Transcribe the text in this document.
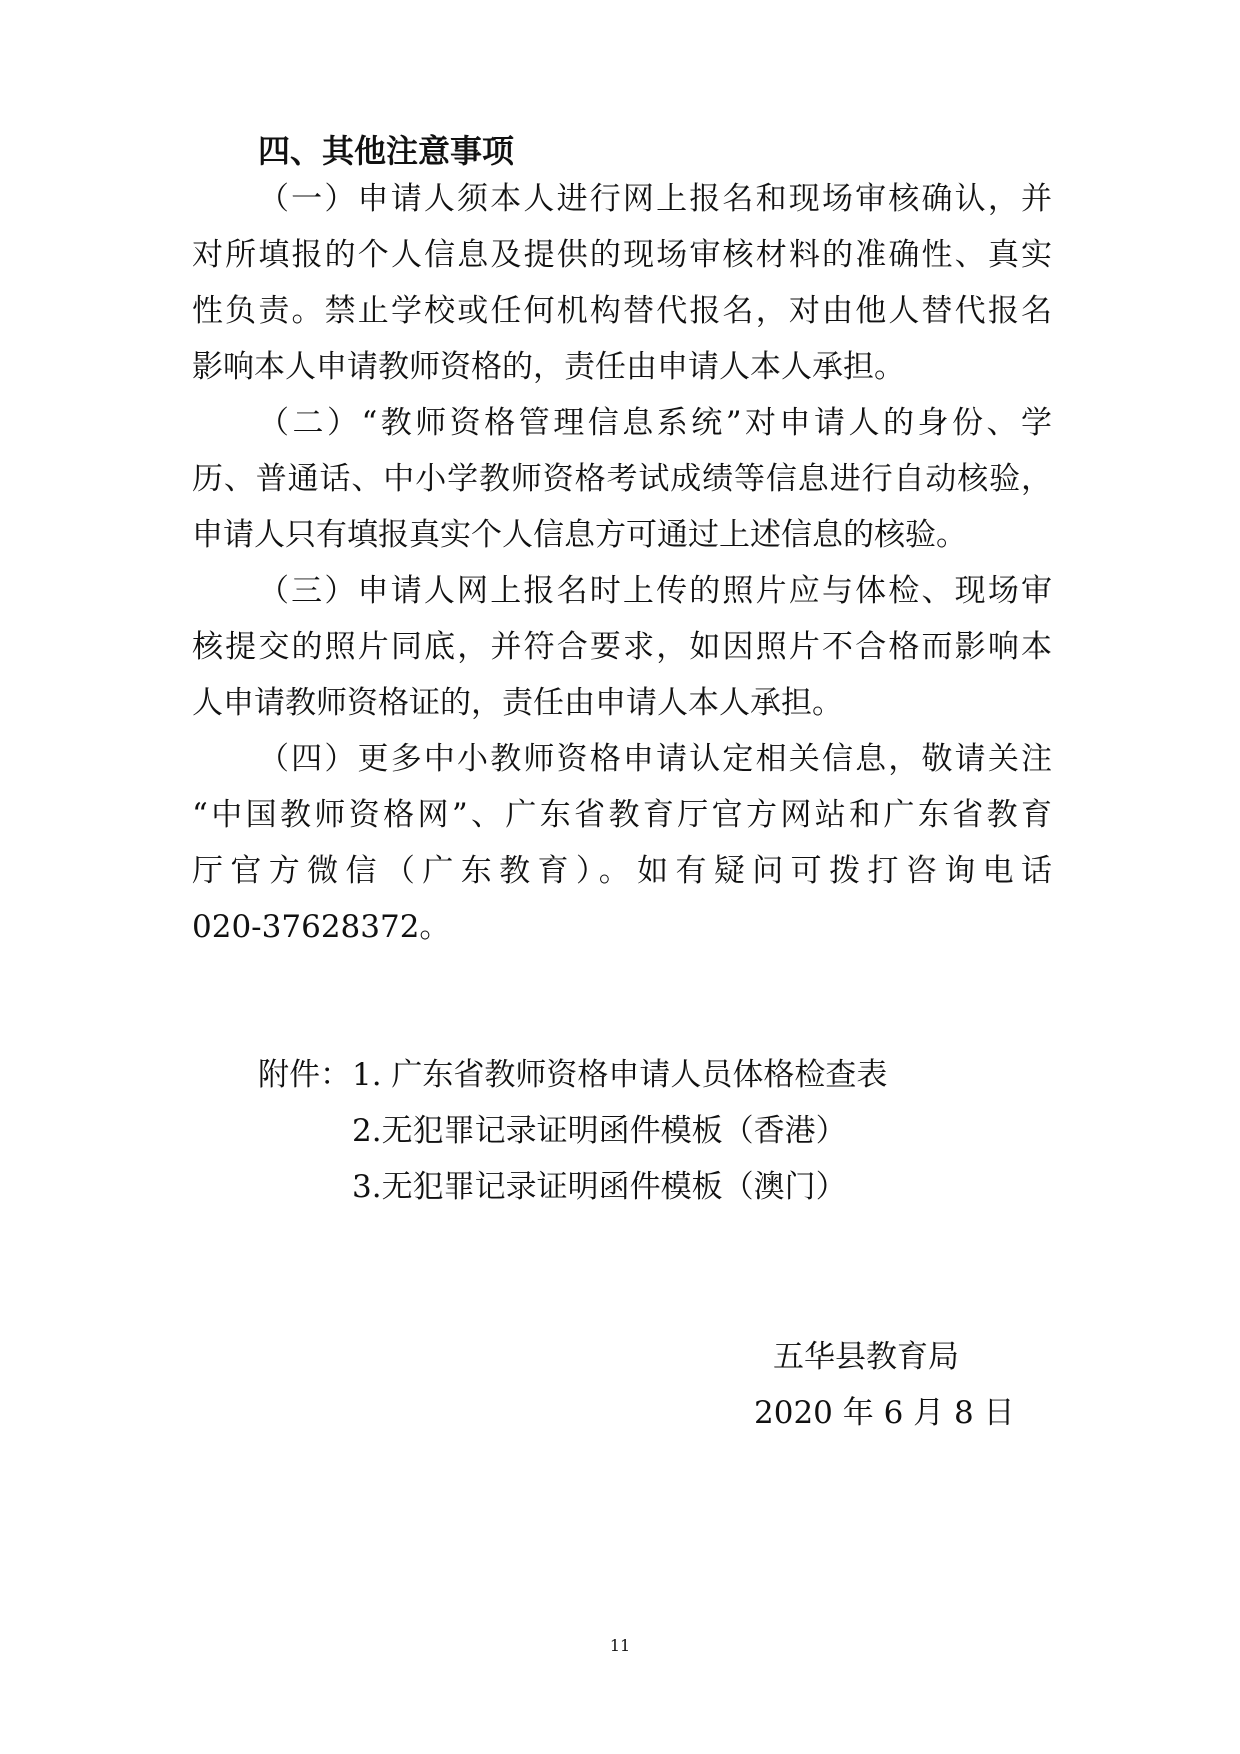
四、其他注意事项
（一）申请人须本人进行网上报名和现场审核确认，并
对所填报的个人信息及提供的现场审核材料的准确性、真实
性负责。禁止学校或任何机构替代报名，对由他人替代报名
影响本人申请教师资格的，责任由申请人本人承担。
（二）“教师资格管理信息系统”对申请人的身份、学
历、普通话、中小学教师资格考试成绩等信息进行自动核验，
申请人只有填报真实个人信息方可通过上述信息的核验。
（三）申请人网上报名时上传的照片应与体检、现场审
核提交的照片同底，并符合要求，如因照片不合格而影响本
人申请教师资格证的，责任由申请人本人承担。
（四）更多中小教师资格申请认定相关信息，敬请关注
“中国教师资格网”、广东省教育厅官方网站和广东省教育
厅官方微信（广东教育）。如有疑问可拨打咨询电话
020-37628372。
附件： 1. 广东省教师资格申请人员体格检查表
2.无犯罪记录证明函件模板（香港）
3.无犯罪记录证明函件模板（澳门）
五华县教育局
2020 年 6 月 8 日
11
